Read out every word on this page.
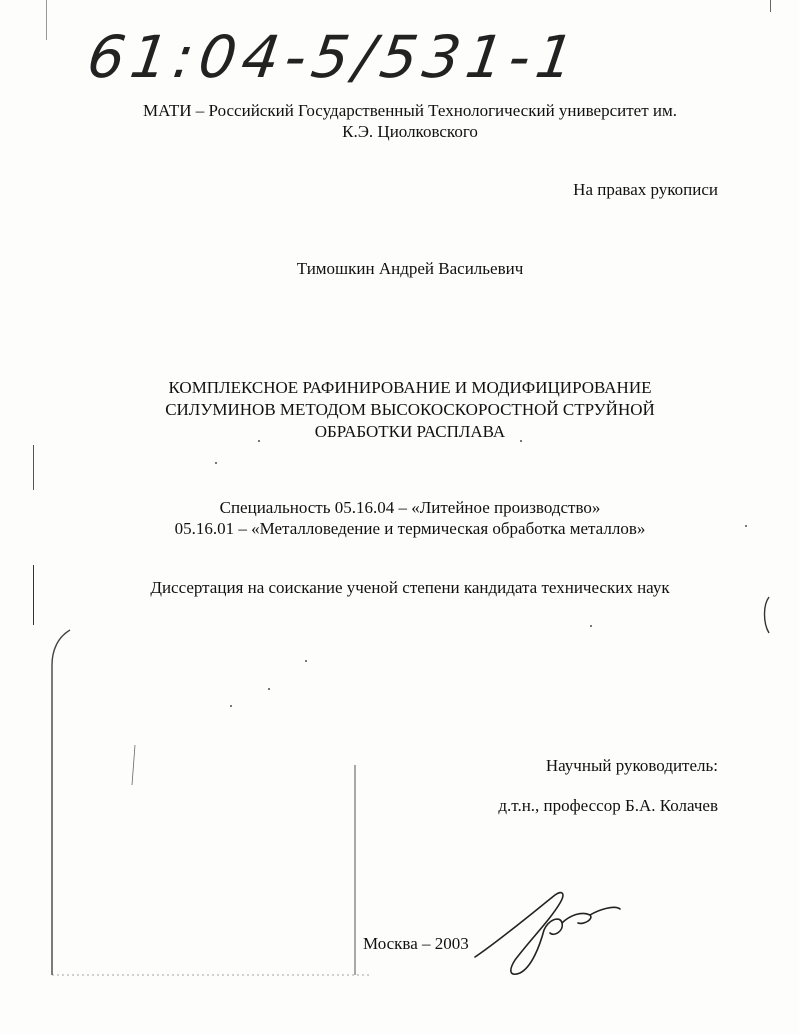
61:04-5/531-1
МАТИ – Российский Государственный Технологический университет им.
К.Э. Циолковского
На правах рукописи
Тимошкин Андрей Васильевич
КОМПЛЕКСНОЕ РАФИНИРОВАНИЕ И МОДИФИЦИРОВАНИЕ
СИЛУМИНОВ МЕТОДОМ ВЫСОКОСКОРОСТНОЙ СТРУЙНОЙ
ОБРАБОТКИ РАСПЛАВА
Специальность 05.16.04 – «Литейное производство»
05.16.01 – «Металловедение и термическая обработка металлов»
Диссертация на соискание ученой степени кандидата технических наук
Научный руководитель:
д.т.н., профессор Б.А. Колачев
Москва – 2003
